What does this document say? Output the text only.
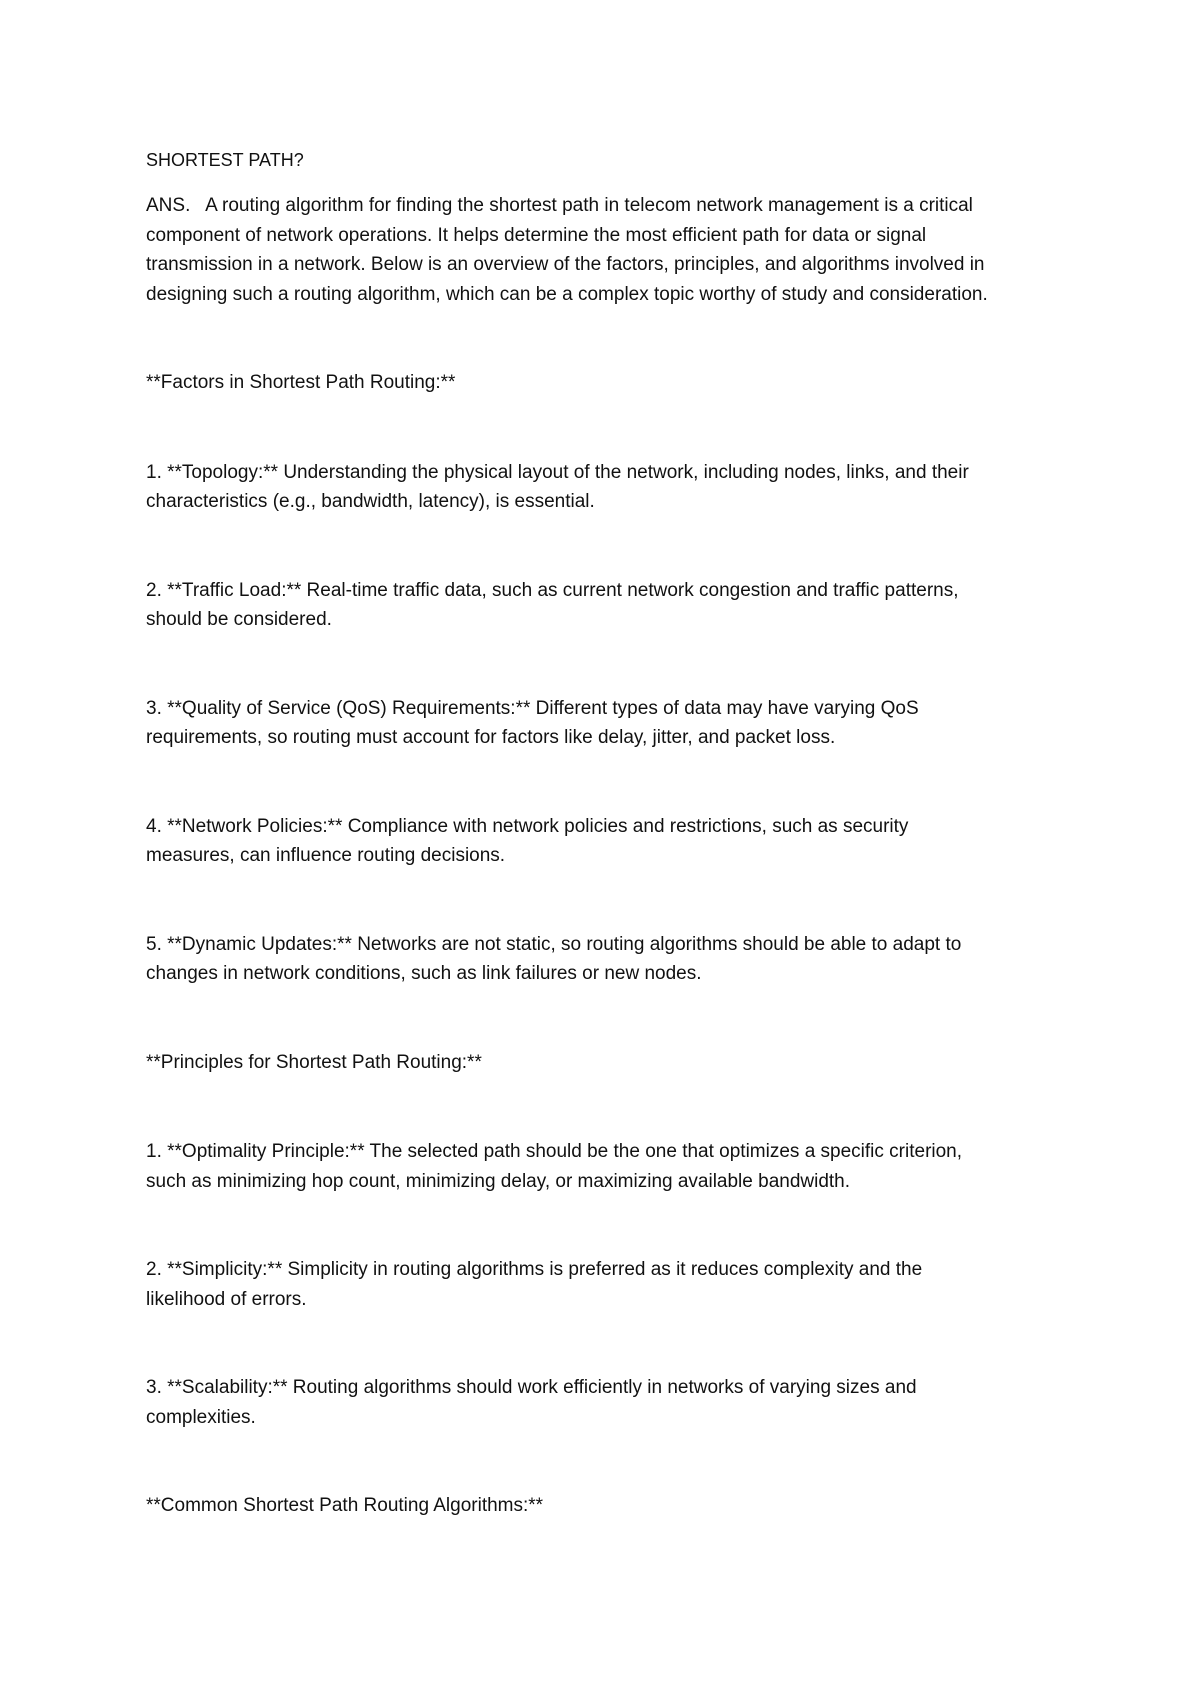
SHORTEST PATH?

ANS.   A routing algorithm for finding the shortest path in telecom network management is a critical
component of network operations. It helps determine the most efficient path for data or signal
transmission in a network. Below is an overview of the factors, principles, and algorithms involved in
designing such a routing algorithm, which can be a complex topic worthy of study and consideration.
**Factors in Shortest Path Routing:**
1. **Topology:** Understanding the physical layout of the network, including nodes, links, and their
characteristics (e.g., bandwidth, latency), is essential.
2. **Traffic Load:** Real-time traffic data, such as current network congestion and traffic patterns,
should be considered.
3. **Quality of Service (QoS) Requirements:** Different types of data may have varying QoS
requirements, so routing must account for factors like delay, jitter, and packet loss.
4. **Network Policies:** Compliance with network policies and restrictions, such as security
measures, can influence routing decisions.
5. **Dynamic Updates:** Networks are not static, so routing algorithms should be able to adapt to
changes in network conditions, such as link failures or new nodes.
**Principles for Shortest Path Routing:**
1. **Optimality Principle:** The selected path should be the one that optimizes a specific criterion,
such as minimizing hop count, minimizing delay, or maximizing available bandwidth.
2. **Simplicity:** Simplicity in routing algorithms is preferred as it reduces complexity and the
likelihood of errors.
3. **Scalability:** Routing algorithms should work efficiently in networks of varying sizes and
complexities.
**Common Shortest Path Routing Algorithms:**
